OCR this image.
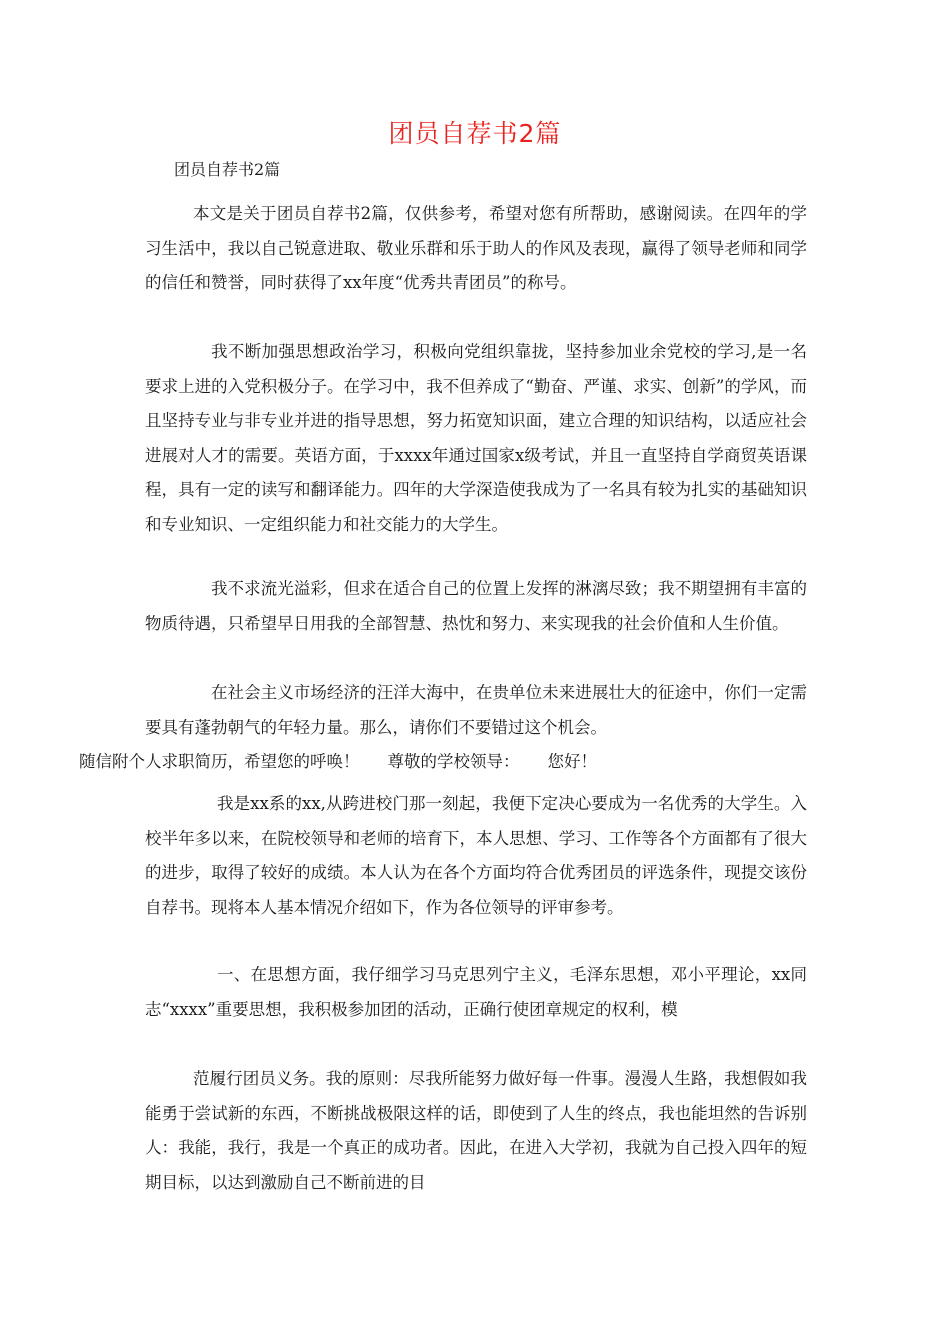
团员自荐书2篇

团员自荐书2篇

本文是关于团员自荐书2篇，仅供参考，希望对您有所帮助，感谢阅读。在四年的学习生活中，我以自己锐意进取、敬业乐群和乐于助人的作风及表现，赢得了领导老师和同学的信任和赞誉，同时获得了xx年度“优秀共青团员”的称号。

我不断加强思想政治学习，积极向党组织靠拢，坚持参加业余党校的学习,是一名要求上进的入党积极分子。在学习中，我不但养成了“勤奋、严谨、求实、创新”的学风，而且坚持专业与非专业并进的指导思想，努力拓宽知识面，建立合理的知识结构，以适应社会进展对人才的需要。英语方面，于xxxx年通过国家x级考试，并且一直坚持自学商贸英语课程，具有一定的读写和翻译能力。四年的大学深造使我成为了一名具有较为扎实的基础知识和专业知识、一定组织能力和社交能力的大学生。

我不求流光溢彩，但求在适合自己的位置上发挥的淋漓尽致；我不期望拥有丰富的物质待遇，只希望早日用我的全部智慧、热忱和努力、来实现我的社会价值和人生价值。

在社会主义市场经济的汪洋大海中，在贵单位未来进展壮大的征途中，你们一定需要具有蓬勃朝气的年轻力量。那么，请你们不要错过这个机会。
随信附个人求职简历，希望您的呼唤！ 尊敬的学校领导： 您好！

我是xx系的xx,从跨进校门那一刻起，我便下定决心要成为一名优秀的大学生。入校半年多以来，在院校领导和老师的培育下，本人思想、学习、工作等各个方面都有了很大的进步，取得了较好的成绩。本人认为在各个方面均符合优秀团员的评选条件，现提交该份自荐书。现将本人基本情况介绍如下，作为各位领导的评审参考。

一、在思想方面，我仔细学习马克思列宁主义，毛泽东思想，邓小平理论，xx同志“xxxx”重要思想，我积极参加团的活动，正确行使团章规定的权利，模

范履行团员义务。我的原则：尽我所能努力做好每一件事。漫漫人生路，我想假如我能勇于尝试新的东西，不断挑战极限这样的话，即使到了人生的终点，我也能坦然的告诉别人：我能，我行，我是一个真正的成功者。因此，在进入大学初，我就为自己投入四年的短期目标，以达到激励自己不断前进的目
